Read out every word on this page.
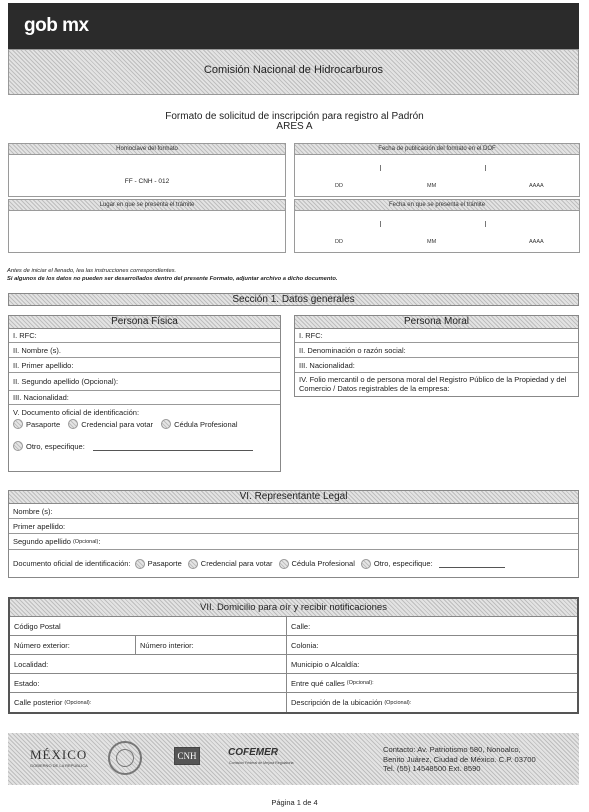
gob mx
Comisión Nacional de Hidrocarburos
Formato de solicitud de inscripción para registro al Padrón
ARES A
Homoclave del formato
FF - CNH - 012
Fecha de publicación del formato en el DOF
DD	MM	AAAA
Lugar en que se presenta el trámite	Fecha en que se presenta el trámite
DD	MM	AAAA
Antes de iniciar el llenado, lea las instrucciones correspondientes.
Si algunos de los datos no pueden ser desarrollados dentro del presente Formato, adjuntar archivo a dicho documento.
Sección 1. Datos generales
Persona Física
I. RFC:
II. Nombre (s).
II. Primer apellido:
II. Segundo apellido (Opcional):
III. Nacionalidad:
V. Documento oficial de identificación:
Pasaporte
	Credencial para votar
	Cédula Profesional
Otro, especifique:

Persona Moral
I. RFC:
II. Denominación o razón social:
III. Nacionalidad:
IV. Folio mercantil o de persona moral del Registro Público de la Propiedad y del Comercio / Datos registrables de la empresa:
VI. Representante Legal
Nombre (s):
Primer apellido:
Segundo apellido (Opcional) :
Documento oficial de identificación: Pasaporte	Credencial para votar	Cédula Profesional	Otro, especifique:
VII. Domicilio para oír y recibir notificaciones
Código Postal	Calle:
Número exterior:	Número interior:	Colonia:
Localidad:	Municipio o Alcaldía:
Estado:	Entre qué calles (Opcional):
Calle posterior (Opcional):	Descripción de la ubicación (Opcional):
MÉXICO
GOBIERNO DE LA REPÚBLICA
CNH	COFEMER
Comisión Federal de Mejora Regulatoria
Contacto: Av. Patriotismo 580, Nonoalco,
Benito Juárez, Ciudad de México. C.P. 03700
Tel. (55) 14548500 Ext. 8590
Página 1 de 4
